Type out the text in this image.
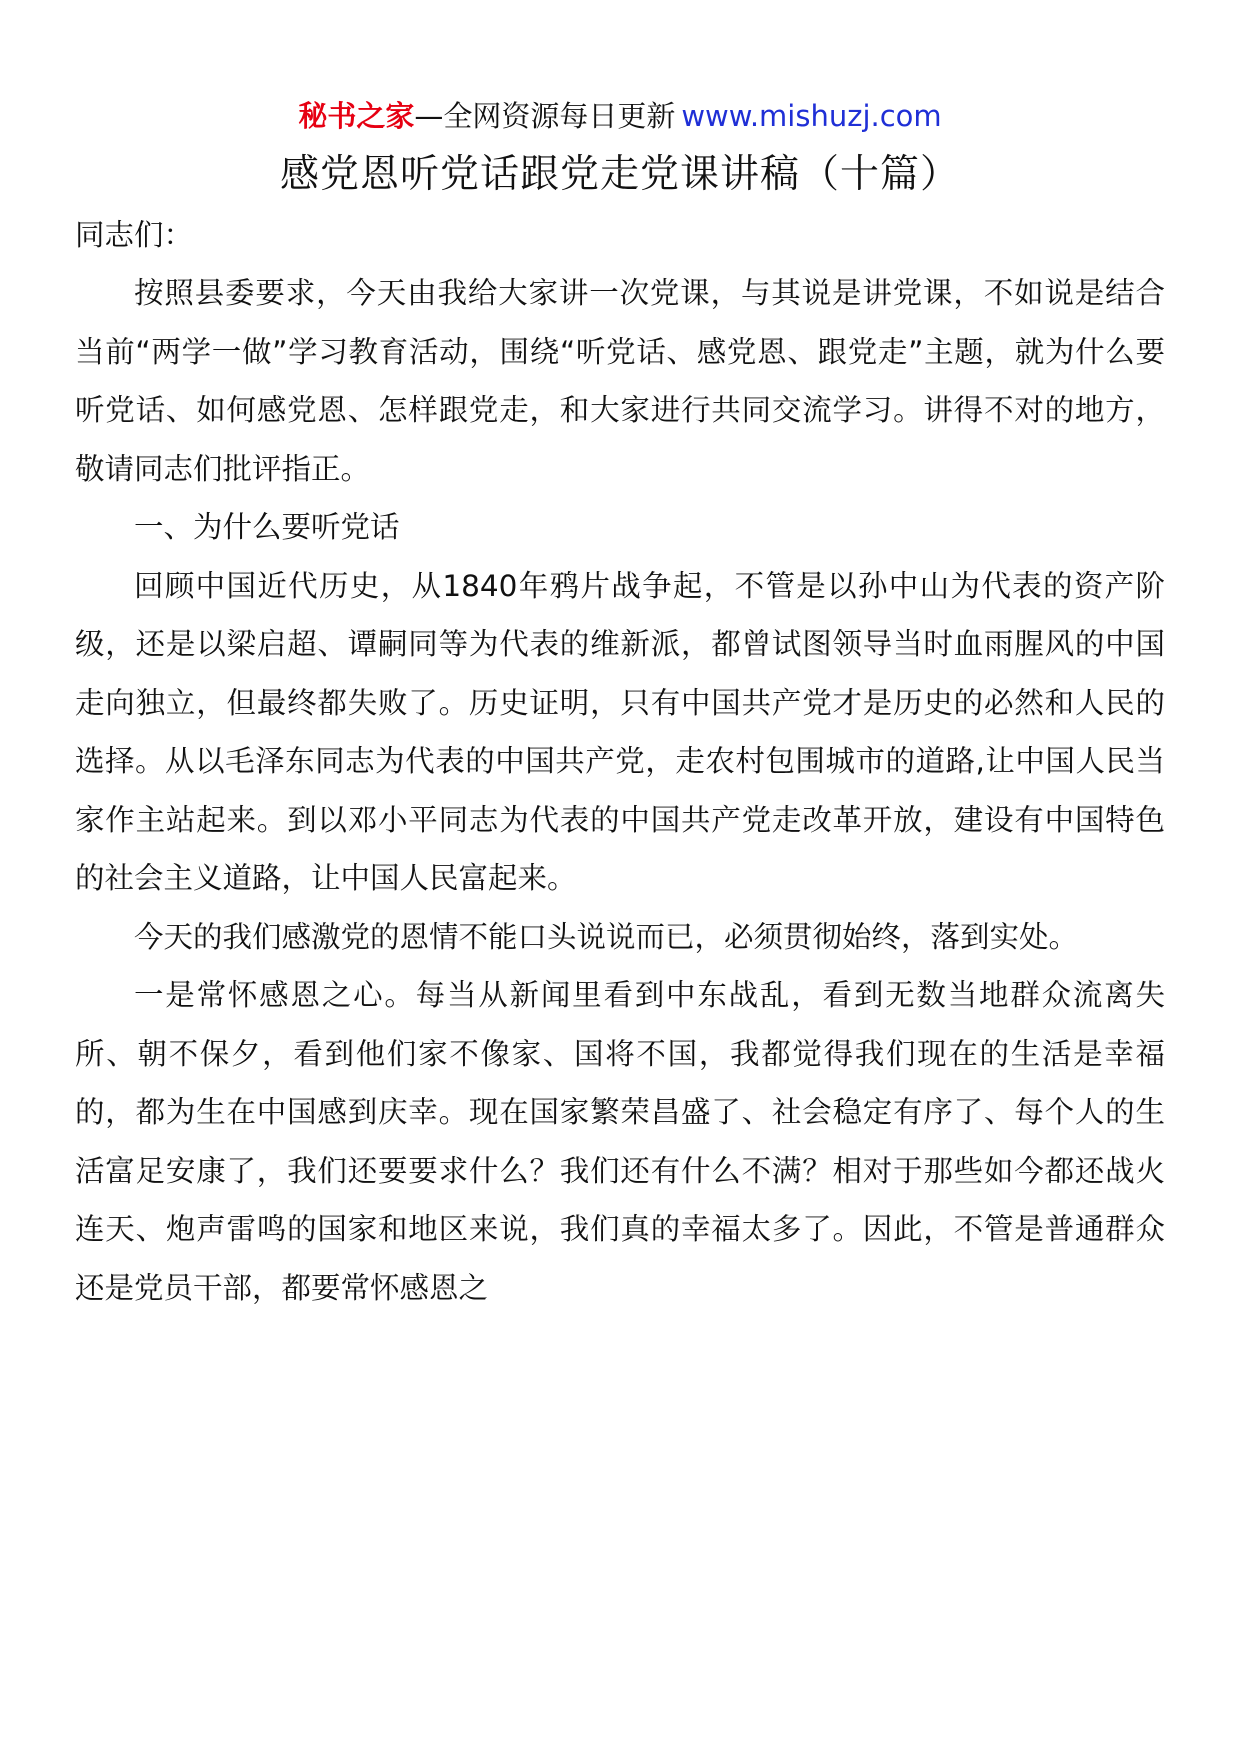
秘书之家—全网资源每日更新 www.mishuzj.com
感党恩听党话跟党走党课讲稿（十篇）

同志们：

按照县委要求，今天由我给大家讲一次党课，与其说是讲党课，不如说是结合当前“两学一做”学习教育活动，围绕“听党话、感党恩、跟党走”主题，就为什么要听党话、如何感党恩、怎样跟党走，和大家进行共同交流学习。讲得不对的地方，敬请同志们批评指正。

一、为什么要听党话

回顾中国近代历史，从1840年鸦片战争起，不管是以孙中山为代表的资产阶级，还是以梁启超、谭嗣同等为代表的维新派，都曾试图领导当时血雨腥风的中国走向独立，但最终都失败了。历史证明，只有中国共产党才是历史的必然和人民的选择。从以毛泽东同志为代表的中国共产党，走农村包围城市的道路,让中国人民当家作主站起来。到以邓小平同志为代表的中国共产党走改革开放，建设有中国特色的社会主义道路，让中国人民富起来。

今天的我们感激党的恩情不能口头说说而已，必须贯彻始终，落到实处。

一是常怀感恩之心。每当从新闻里看到中东战乱，看到无数当地群众流离失所、朝不保夕，看到他们家不像家、国将不国，我都觉得我们现在的生活是幸福的，都为生在中国感到庆幸。现在国家繁荣昌盛了、社会稳定有序了、每个人的生活富足安康了，我们还要要求什么？我们还有什么不满？相对于那些如今都还战火连天、炮声雷鸣的国家和地区来说，我们真的幸福太多了。因此，不管是普通群众还是党员干部，都要常怀感恩之
